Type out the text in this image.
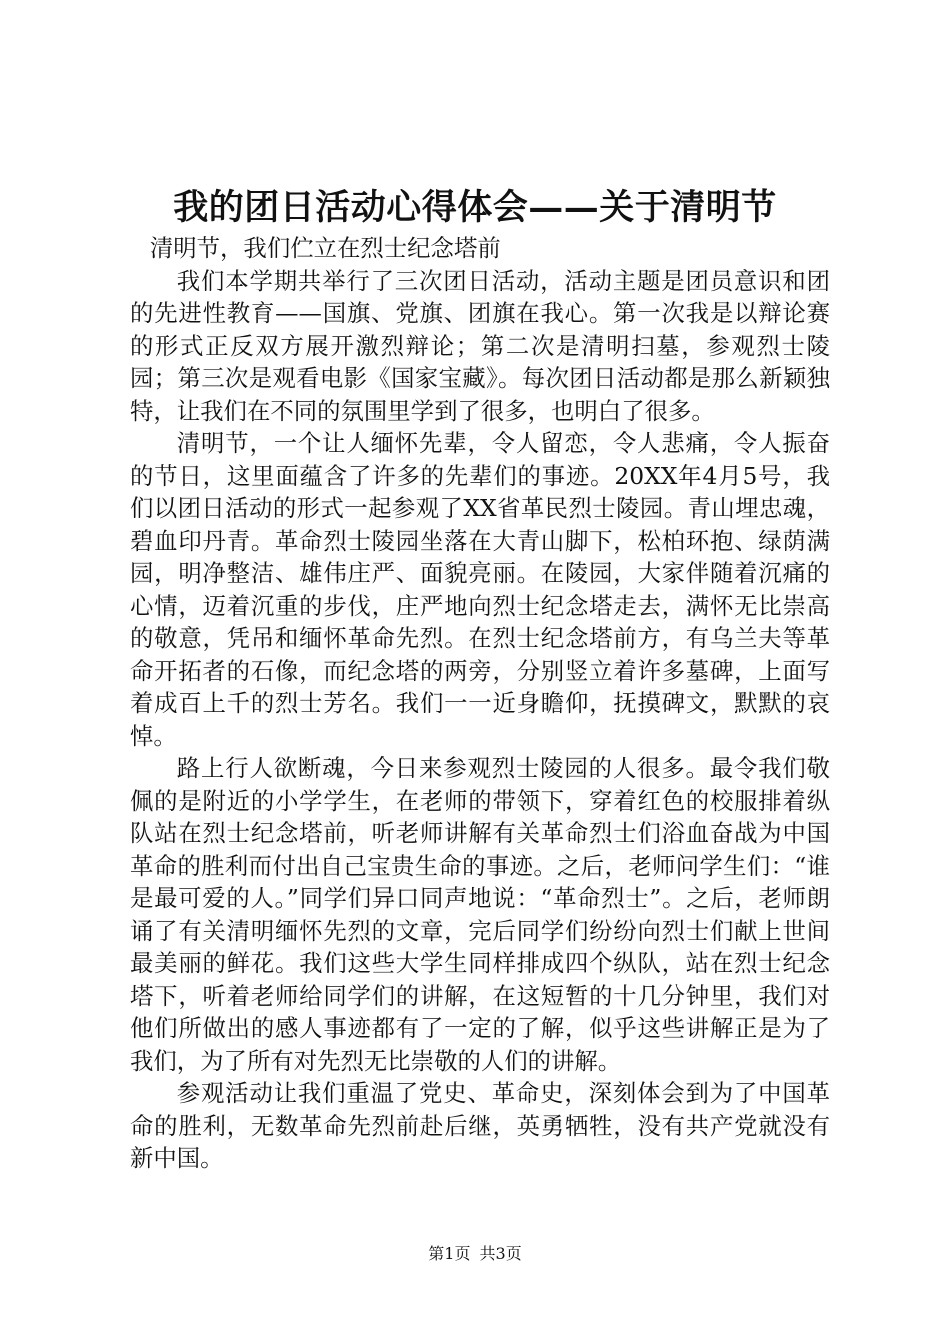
我的团日活动心得体会——关于清明节

清明节，我们伫立在烈士纪念塔前

我们本学期共举行了三次团日活动，活动主题是团员意识和团的先进性教育——国旗、党旗、团旗在我心。第一次我是以辩论赛的形式正反双方展开激烈辩论；第二次是清明扫墓，参观烈士陵园；第三次是观看电影《国家宝藏》。每次团日活动都是那么新颖独特，让我们在不同的氛围里学到了很多，也明白了很多。

清明节，一个让人缅怀先辈，令人留恋，令人悲痛，令人振奋的节日，这里面蕴含了许多的先辈们的事迹。20XX年4月5号，我们以团日活动的形式一起参观了XX省革民烈士陵园。青山埋忠魂，碧血印丹青。革命烈士陵园坐落在大青山脚下，松柏环抱、绿荫满园，明净整洁、雄伟庄严、面貌亮丽。在陵园，大家伴随着沉痛的心情，迈着沉重的步伐，庄严地向烈士纪念塔走去，满怀无比崇高的敬意，凭吊和缅怀革命先烈。在烈士纪念塔前方，有乌兰夫等革命开拓者的石像，而纪念塔的两旁，分别竖立着许多墓碑，上面写着成百上千的烈士芳名。我们一一近身瞻仰，抚摸碑文，默默的哀悼。

路上行人欲断魂，今日来参观烈士陵园的人很多。最令我们敬佩的是附近的小学学生，在老师的带领下，穿着红色的校服排着纵队站在烈士纪念塔前，听老师讲解有关革命烈士们浴血奋战为中国革命的胜利而付出自己宝贵生命的事迹。之后，老师问学生们：“谁是最可爱的人。”同学们异口同声地说：“革命烈士”。之后，老师朗诵了有关清明缅怀先烈的文章，完后同学们纷纷向烈士们献上世间最美丽的鲜花。我们这些大学生同样排成四个纵队，站在烈士纪念塔下，听着老师给同学们的讲解，在这短暂的十几分钟里，我们对他们所做出的感人事迹都有了一定的了解，似乎这些讲解正是为了我们，为了所有对先烈无比崇敬的人们的讲解。

参观活动让我们重温了党史、革命史，深刻体会到为了中国革命的胜利，无数革命先烈前赴后继，英勇牺牲，没有共产党就没有新中国。

第1页 共3页
